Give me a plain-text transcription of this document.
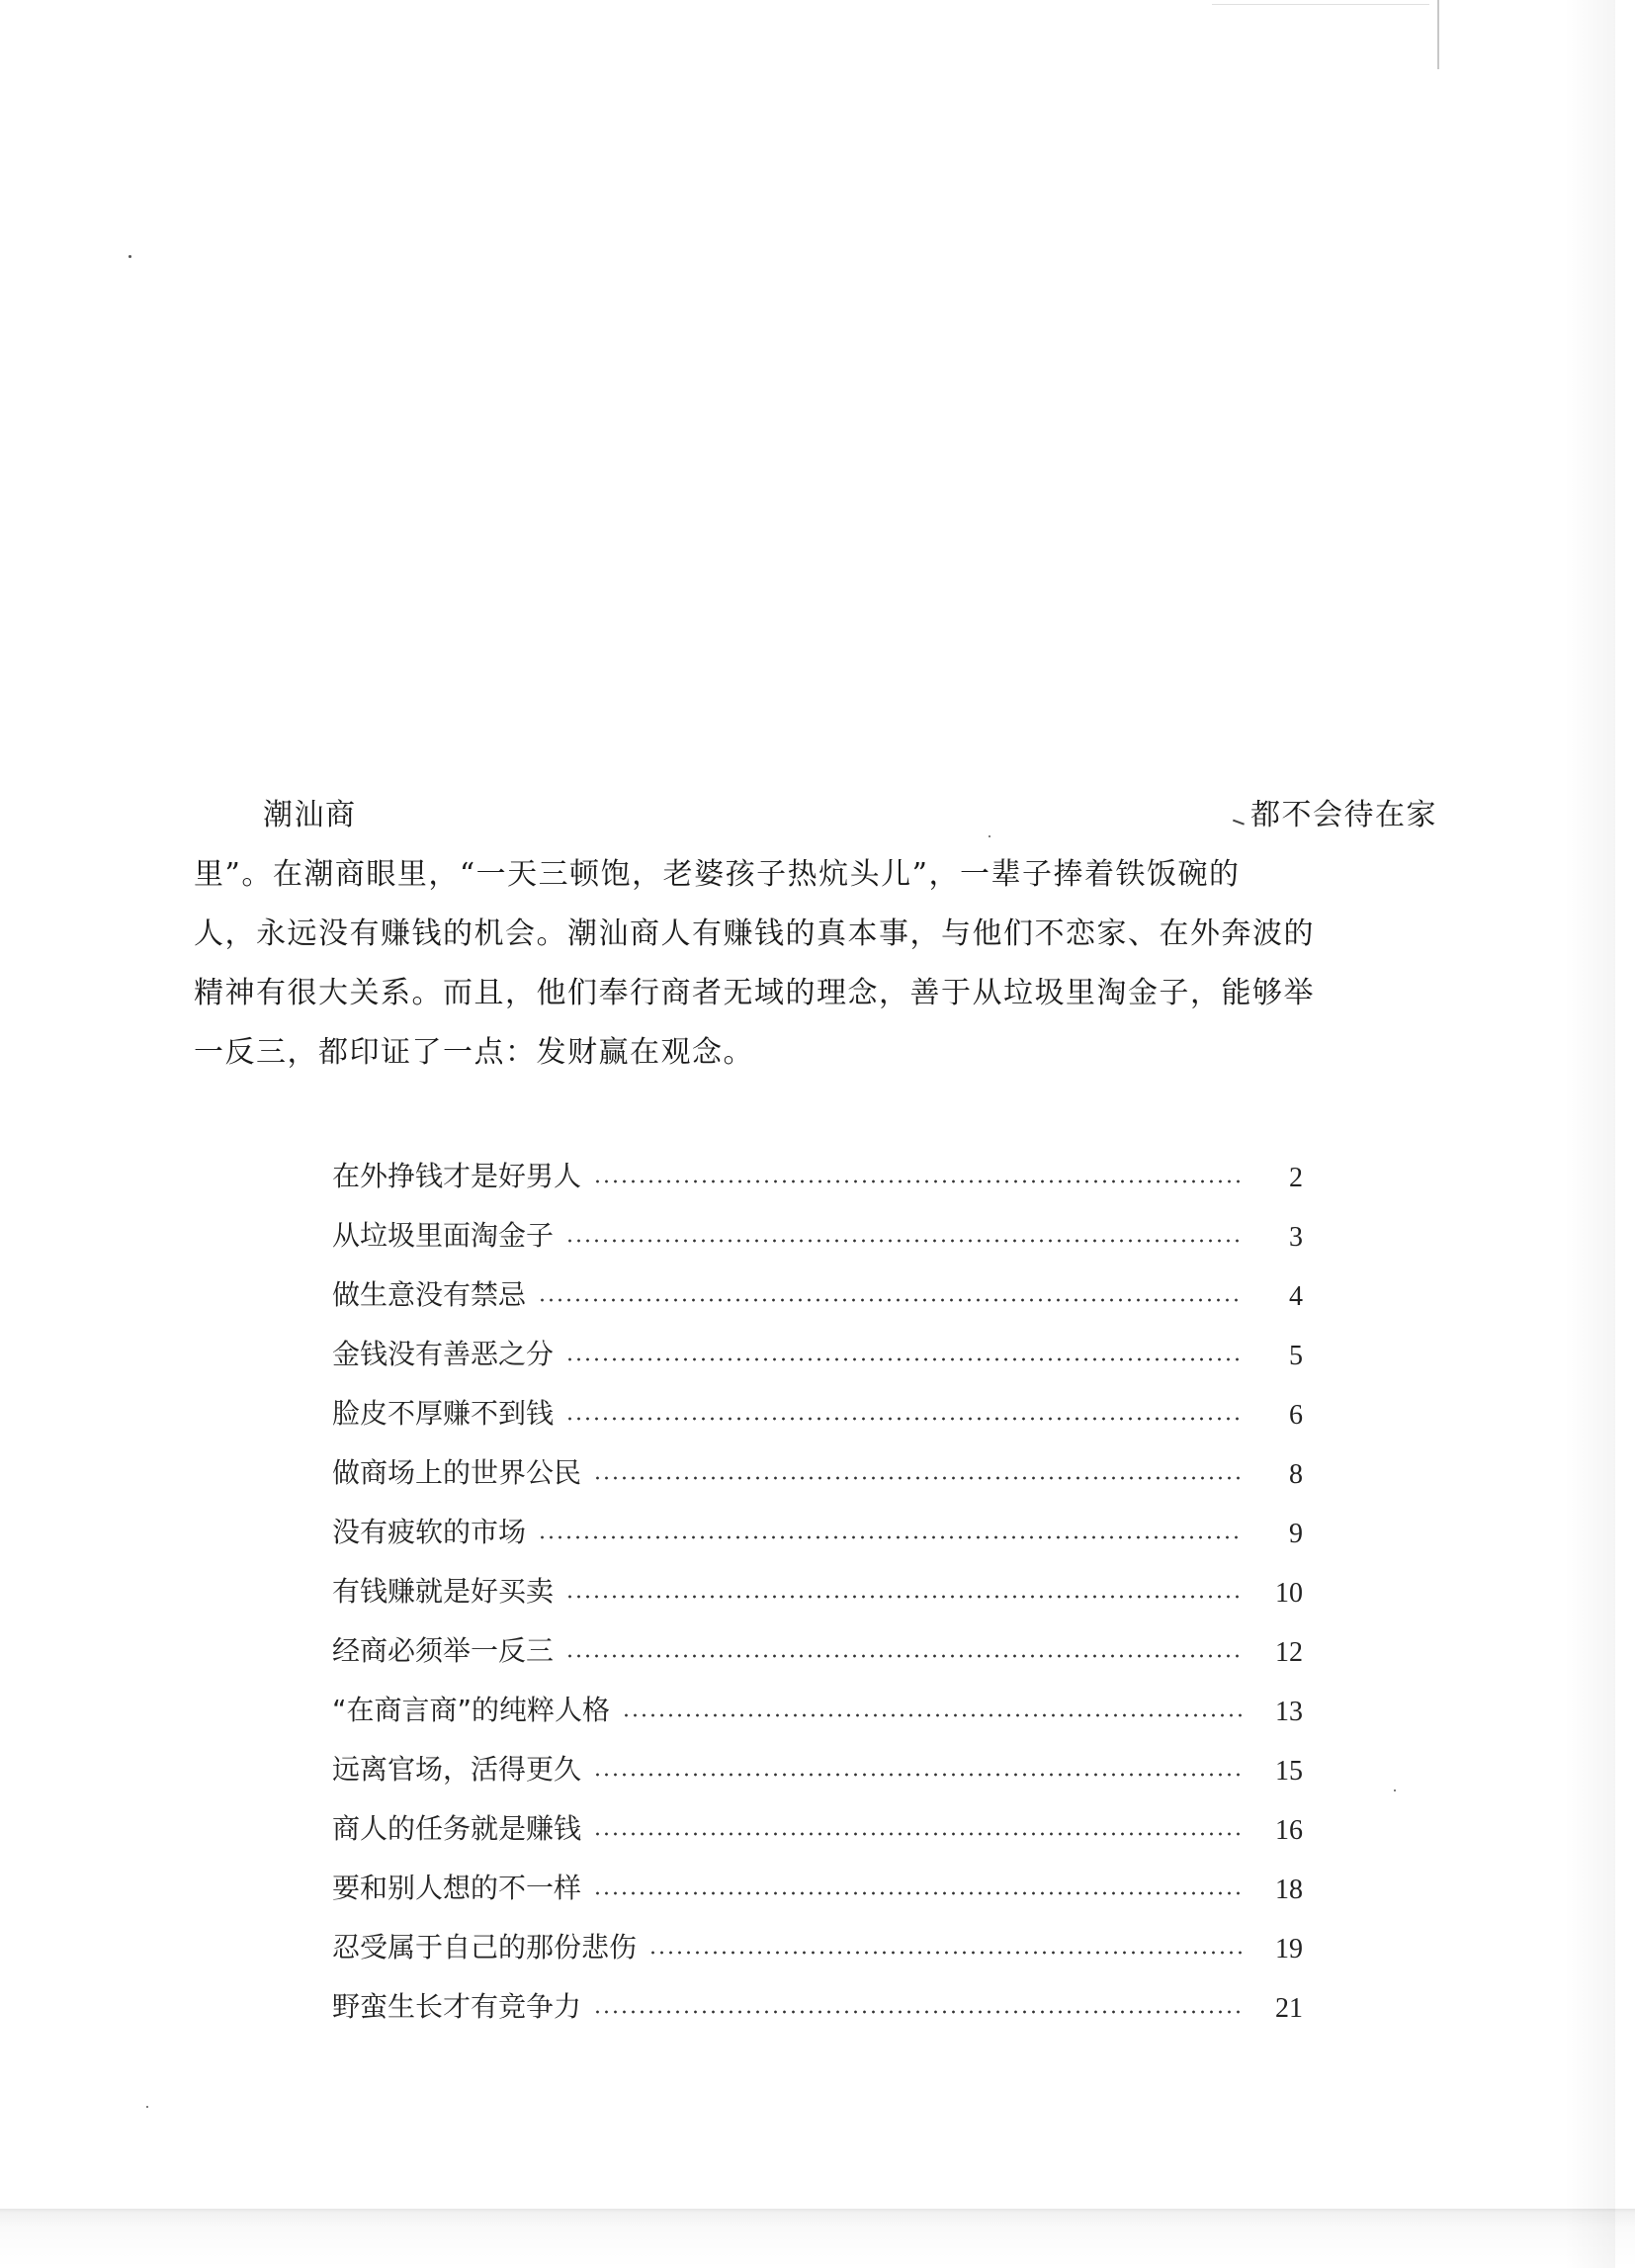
潮汕商	都不会待在家
里”。在潮商眼里，“一天三顿饱，老婆孩子热炕头儿”，一辈子捧着铁饭碗的
人，永远没有赚钱的机会。潮汕商人有赚钱的真本事，与他们不恋家、在外奔波的
精神有很大关系。而且，他们奉行商者无域的理念，善于从垃圾里淘金子，能够举
一反三，都印证了一点：发财赢在观念。
在外挣钱才是好男人	2
从垃圾里面淘金子	3
做生意没有禁忌	4
金钱没有善恶之分	5
脸皮不厚赚不到钱	6
做商场上的世界公民	8
没有疲软的市场	9
有钱赚就是好买卖	10
经商必须举一反三	12
“在商言商”的纯粹人格	13
远离官场，活得更久	15
商人的任务就是赚钱	16
要和别人想的不一样	18
忍受属于自己的那份悲伤	19
野蛮生长才有竞争力	21
